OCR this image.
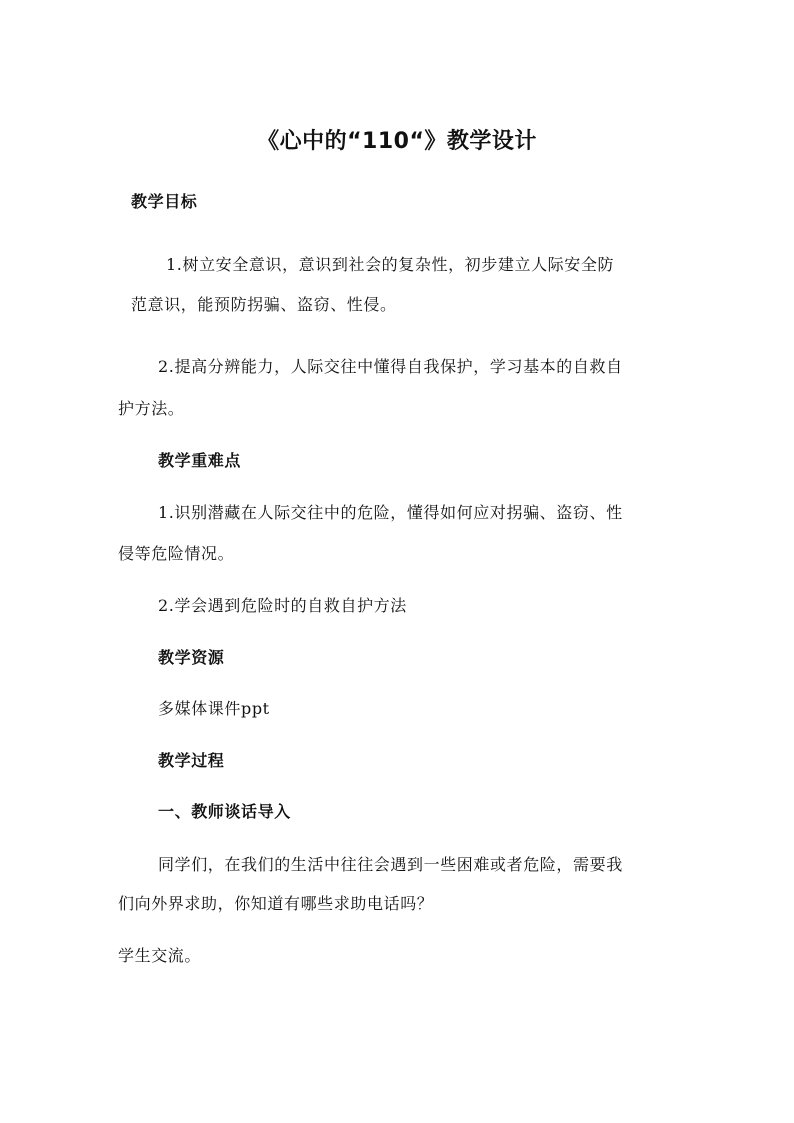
《心中的“110“》教学设计
教学目标
1.树立安全意识，意识到社会的复杂性，初步建立人际安全防
范意识，能预防拐骗、盗窃、性侵。
2.提高分辨能力，人际交往中懂得自我保护，学习基本的自救自
护方法。
教学重难点
1.识别潜藏在人际交往中的危险，懂得如何应对拐骗、盗窃、性
侵等危险情况。
2.学会遇到危险时的自救自护方法
教学资源
多媒体课件ppt
教学过程
一、教师谈话导入
同学们，在我们的生活中往往会遇到一些困难或者危险，需要我
们向外界求助，你知道有哪些求助电话吗？
学生交流。
